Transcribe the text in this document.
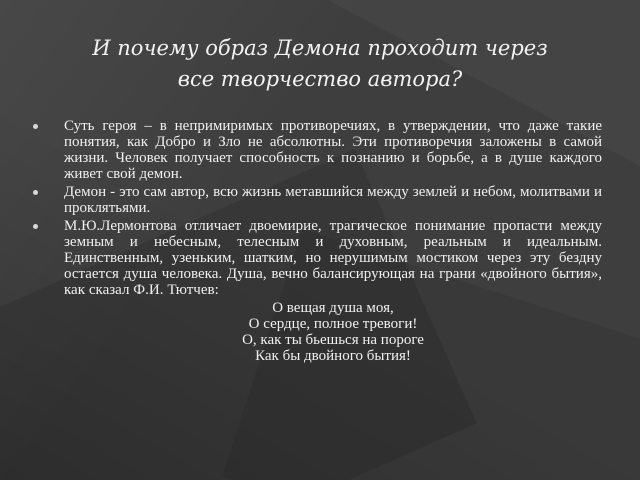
И почему образ Демона проходит через
все творчество автора?
Суть героя – в непримиримых противоречиях, в утверждении, что даже такие понятия, как Добро и Зло не абсолютны. Эти противоречия заложены в самой жизни. Человек получает способность к познанию и борьбе, а в душе каждого живет свой демон.
Демон - это сам автор, всю жизнь метавшийся между землей и небом, молитвами и проклятьями.
М.Ю.Лермонтова отличает двоемирие, трагическое понимание пропасти между земным и небесным, телесным и духовным, реальным и идеальным. Единственным, узеньким, шатким, но нерушимым мостиком через эту бездну остается душа человека. Душа, вечно балансирующая на грани «двойного бытия», как сказал Ф.И. Тютчев:
О вещая душа моя,
О сердце, полное тревоги!
О, как ты бьешься на пороге
Как бы двойного бытия!
